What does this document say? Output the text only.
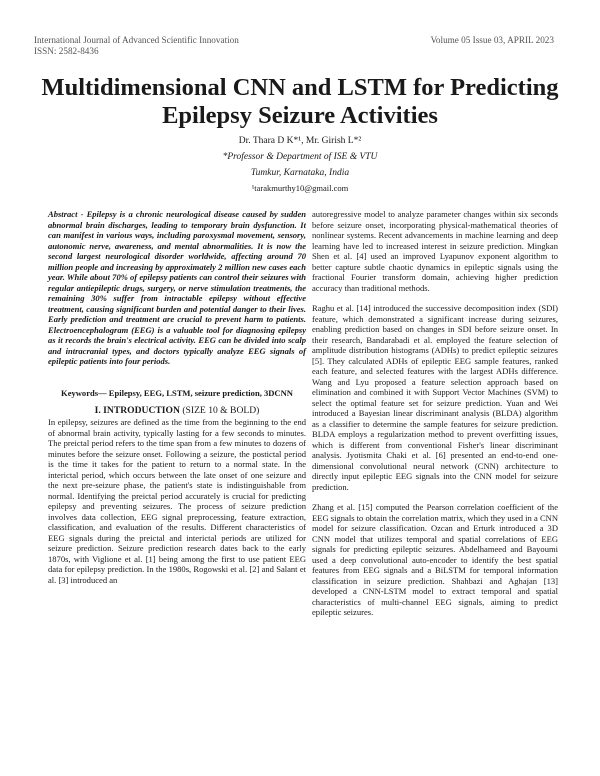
International Journal of Advanced Scientific Innovation
ISSN: 2582-8436
Volume 05 Issue 03, APRIL 2023
Multidimensional CNN and LSTM for Predicting
Epilepsy Seizure Activities
Dr. Thara D K*¹, Mr. Girish L*²
*Professor & Department of ISE & VTU
Tumkur, Karnataka, India
¹tarakmurthy10@gmail.com

Abstract - Epilepsy is a chronic neurological disease caused by sudden abnormal brain discharges, leading to temporary brain dysfunction. It can manifest in various ways, including paroxysmal movement, sensory, autonomic nerve, awareness, and mental abnormalities. It is now the second largest neurological disorder worldwide, affecting around 70 million people and increasing by approximately 2 million new cases each year. While about 70% of epilepsy patients can control their seizures with regular antiepileptic drugs, surgery, or nerve stimulation treatments, the remaining 30% suffer from intractable epilepsy without effective treatment, causing significant burden and potential danger to their lives. Early prediction and treatment are crucial to prevent harm to patients. Electroencephalogram (EEG) is a valuable tool for diagnosing epilepsy as it records the brain's electrical activity. EEG can be divided into scalp and intracranial types, and doctors typically analyze EEG signals of epileptic patients into four periods.

Keywords— Epilepsy, EEG, LSTM, seizure prediction, 3DCNN

I. INTRODUCTION (SIZE 10 & BOLD)

In epilepsy, seizures are defined as the time from the beginning to the end of abnormal brain activity, typically lasting for a few seconds to minutes. The preictal period refers to the time span from a few minutes to dozens of minutes before the seizure onset. Following a seizure, the postictal period is the time it takes for the patient to return to a normal state. In the interictal period, which occurs between the late onset of one seizure and the next pre-seizure phase, the patient's state is indistinguishable from normal. Identifying the preictal period accurately is crucial for predicting epilepsy and preventing seizures. The process of seizure prediction involves data collection, EEG signal preprocessing, feature extraction, classification, and evaluation of the results. Different characteristics of EEG signals during the preictal and interictal periods are utilized for seizure prediction. Seizure prediction research dates back to the early 1870s, with Viglione et al. [1] being among the first to use patient EEG data for epilepsy prediction. In the 1980s, Rogowski et al. [2] and Salant et al. [3] introduced an

autoregressive model to analyze parameter changes within six seconds before seizure onset, incorporating physical-mathematical theories of nonlinear systems. Recent advancements in machine learning and deep learning have led to increased interest in seizure prediction. Mingkan Shen et al. [4] used an improved Lyapunov exponent algorithm to better capture subtle chaotic dynamics in epileptic signals using the fractional Fourier transform domain, achieving higher prediction accuracy than traditional methods.

Raghu et al. [14] introduced the successive decomposition index (SDI) feature, which demonstrated a significant increase during seizures, enabling prediction based on changes in SDI before seizure onset. In their research, Bandarabadi et al. employed the feature selection of amplitude distribution histograms (ADHs) to predict epileptic seizures [5]. They calculated ADHs of epileptic EEG sample features, ranked each feature, and selected features with the largest ADHs difference. Wang and Lyu proposed a feature selection approach based on elimination and combined it with Support Vector Machines (SVM) to select the optimal feature set for seizure prediction. Yuan and Wei introduced a Bayesian linear discriminant analysis (BLDA) algorithm as a classifier to determine the sample features for seizure prediction. BLDA employs a regularization method to prevent overfitting issues, which is different from conventional Fisher's linear discriminant analysis. Jyotismita Chaki et al. [6] presented an end-to-end one-dimensional convolutional neural network (CNN) architecture to directly input epileptic EEG signals into the CNN model for seizure prediction.

Zhang et al. [15] computed the Pearson correlation coefficient of the EEG signals to obtain the correlation matrix, which they used in a CNN model for seizure classification. Ozcan and Erturk introduced a 3D CNN model that utilizes temporal and spatial correlations of EEG signals for predicting epileptic seizures. Abdelhameed and Bayoumi used a deep convolutional auto-encoder to identify the best spatial features from EEG signals and a BiLSTM for temporal information classification in seizure prediction. Shahbazi and Aghajan [13] developed a CNN-LSTM model to extract temporal and spatial characteristics of multi-channel EEG signals, aiming to predict epileptic seizures.
